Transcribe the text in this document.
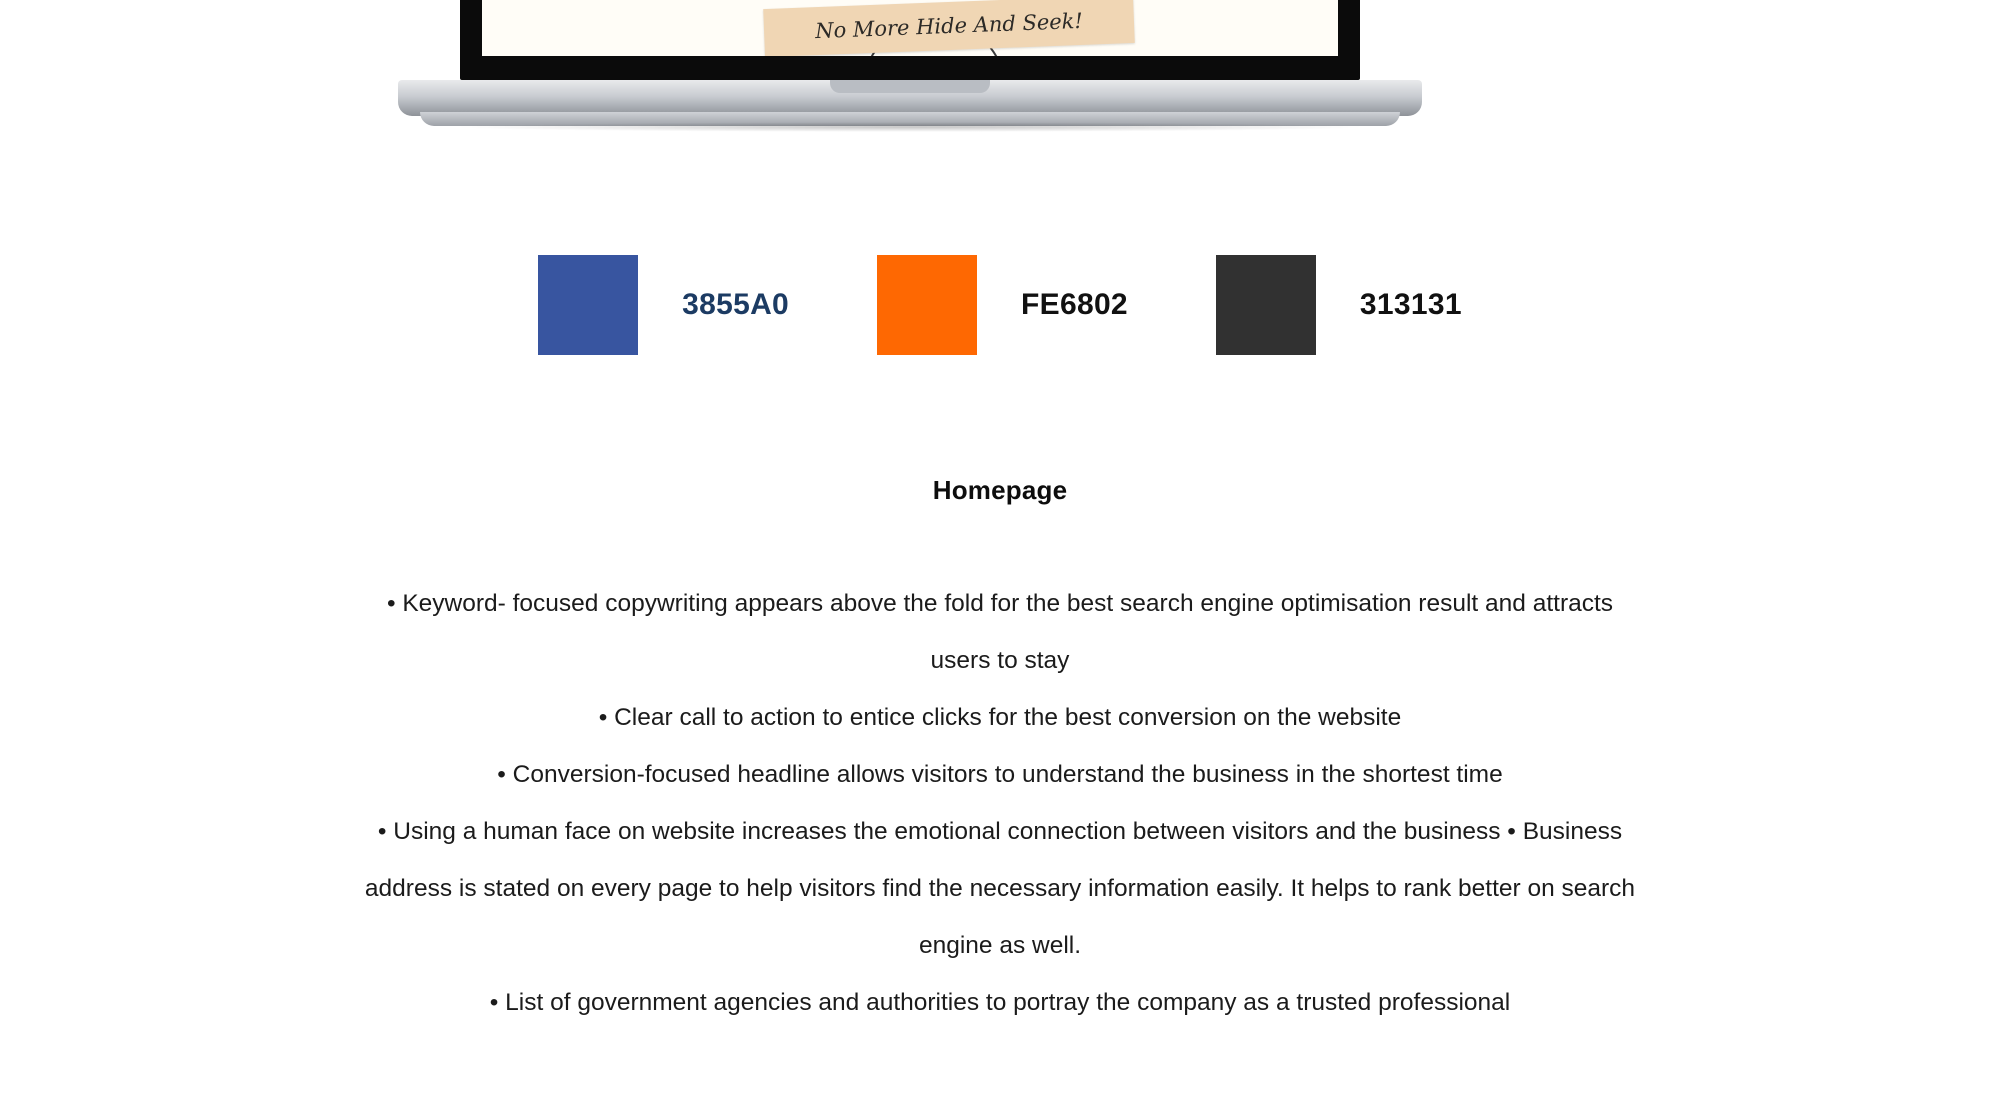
No More Hide And Seek!
3855A0	FE6802	313131
Homepage

• Keyword- focused copywriting appears above the fold for the best search engine optimisation result and attracts users to stay

• Clear call to action to entice clicks for the best conversion on the website

• Conversion-focused headline allows visitors to understand the business in the shortest time

• Using a human face on website increases the emotional connection between visitors and the business • Business address is stated on every page to help visitors find the necessary information easily. It helps to rank better on search engine as well.

• List of government agencies and authorities to portray the company as a trusted professional
